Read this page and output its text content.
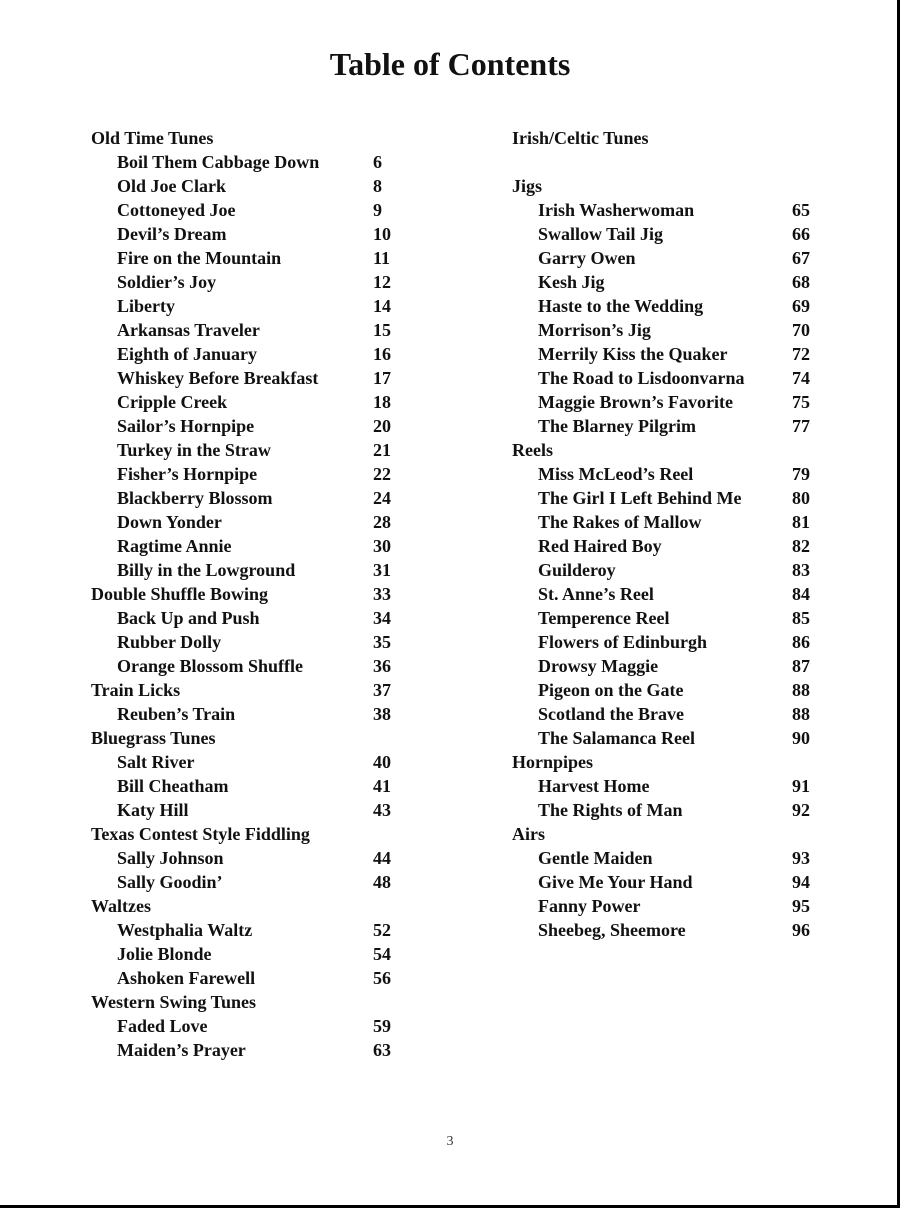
Table of Contents
Old Time Tunes
Boil Them Cabbage Down	6
Old Joe Clark	8
Cottoneyed Joe	9
Devil’s Dream	10
Fire on the Mountain	11
Soldier’s Joy	12
Liberty	14
Arkansas Traveler	15
Eighth of January	16
Whiskey Before Breakfast	17
Cripple Creek	18
Sailor’s Hornpipe	20
Turkey in the Straw	21
Fisher’s Hornpipe	22
Blackberry Blossom	24
Down Yonder	28
Ragtime Annie	30
Billy in the Lowground	31
Double Shuffle Bowing	33
Back Up and Push	34
Rubber Dolly	35
Orange Blossom Shuffle	36
Train Licks	37
Reuben’s Train	38
Bluegrass Tunes
Salt River	40
Bill Cheatham	41
Katy Hill	43
Texas Contest Style Fiddling
Sally Johnson	44
Sally Goodin’	48
Waltzes
Westphalia Waltz	52
Jolie Blonde	54
Ashoken Farewell	56
Western Swing Tunes
Faded Love	59
Maiden’s Prayer	63
Irish/Celtic Tunes
Jigs
Irish Washerwoman	65
Swallow Tail Jig	66
Garry Owen	67
Kesh Jig	68
Haste to the Wedding	69
Morrison’s Jig	70
Merrily Kiss the Quaker	72
The Road to Lisdoonvarna	74
Maggie Brown’s Favorite	75
The Blarney Pilgrim	77
Reels
Miss McLeod’s Reel	79
The Girl I Left Behind Me	80
The Rakes of Mallow	81
Red Haired Boy	82
Guilderoy	83
St. Anne’s Reel	84
Temperence Reel	85
Flowers of Edinburgh	86
Drowsy Maggie	87
Pigeon on the Gate	88
Scotland the Brave	88
The Salamanca Reel	90
Hornpipes
Harvest Home	91
The Rights of Man	92
Airs
Gentle Maiden	93
Give Me Your Hand	94
Fanny Power	95
Sheebeg, Sheemore	96
3
